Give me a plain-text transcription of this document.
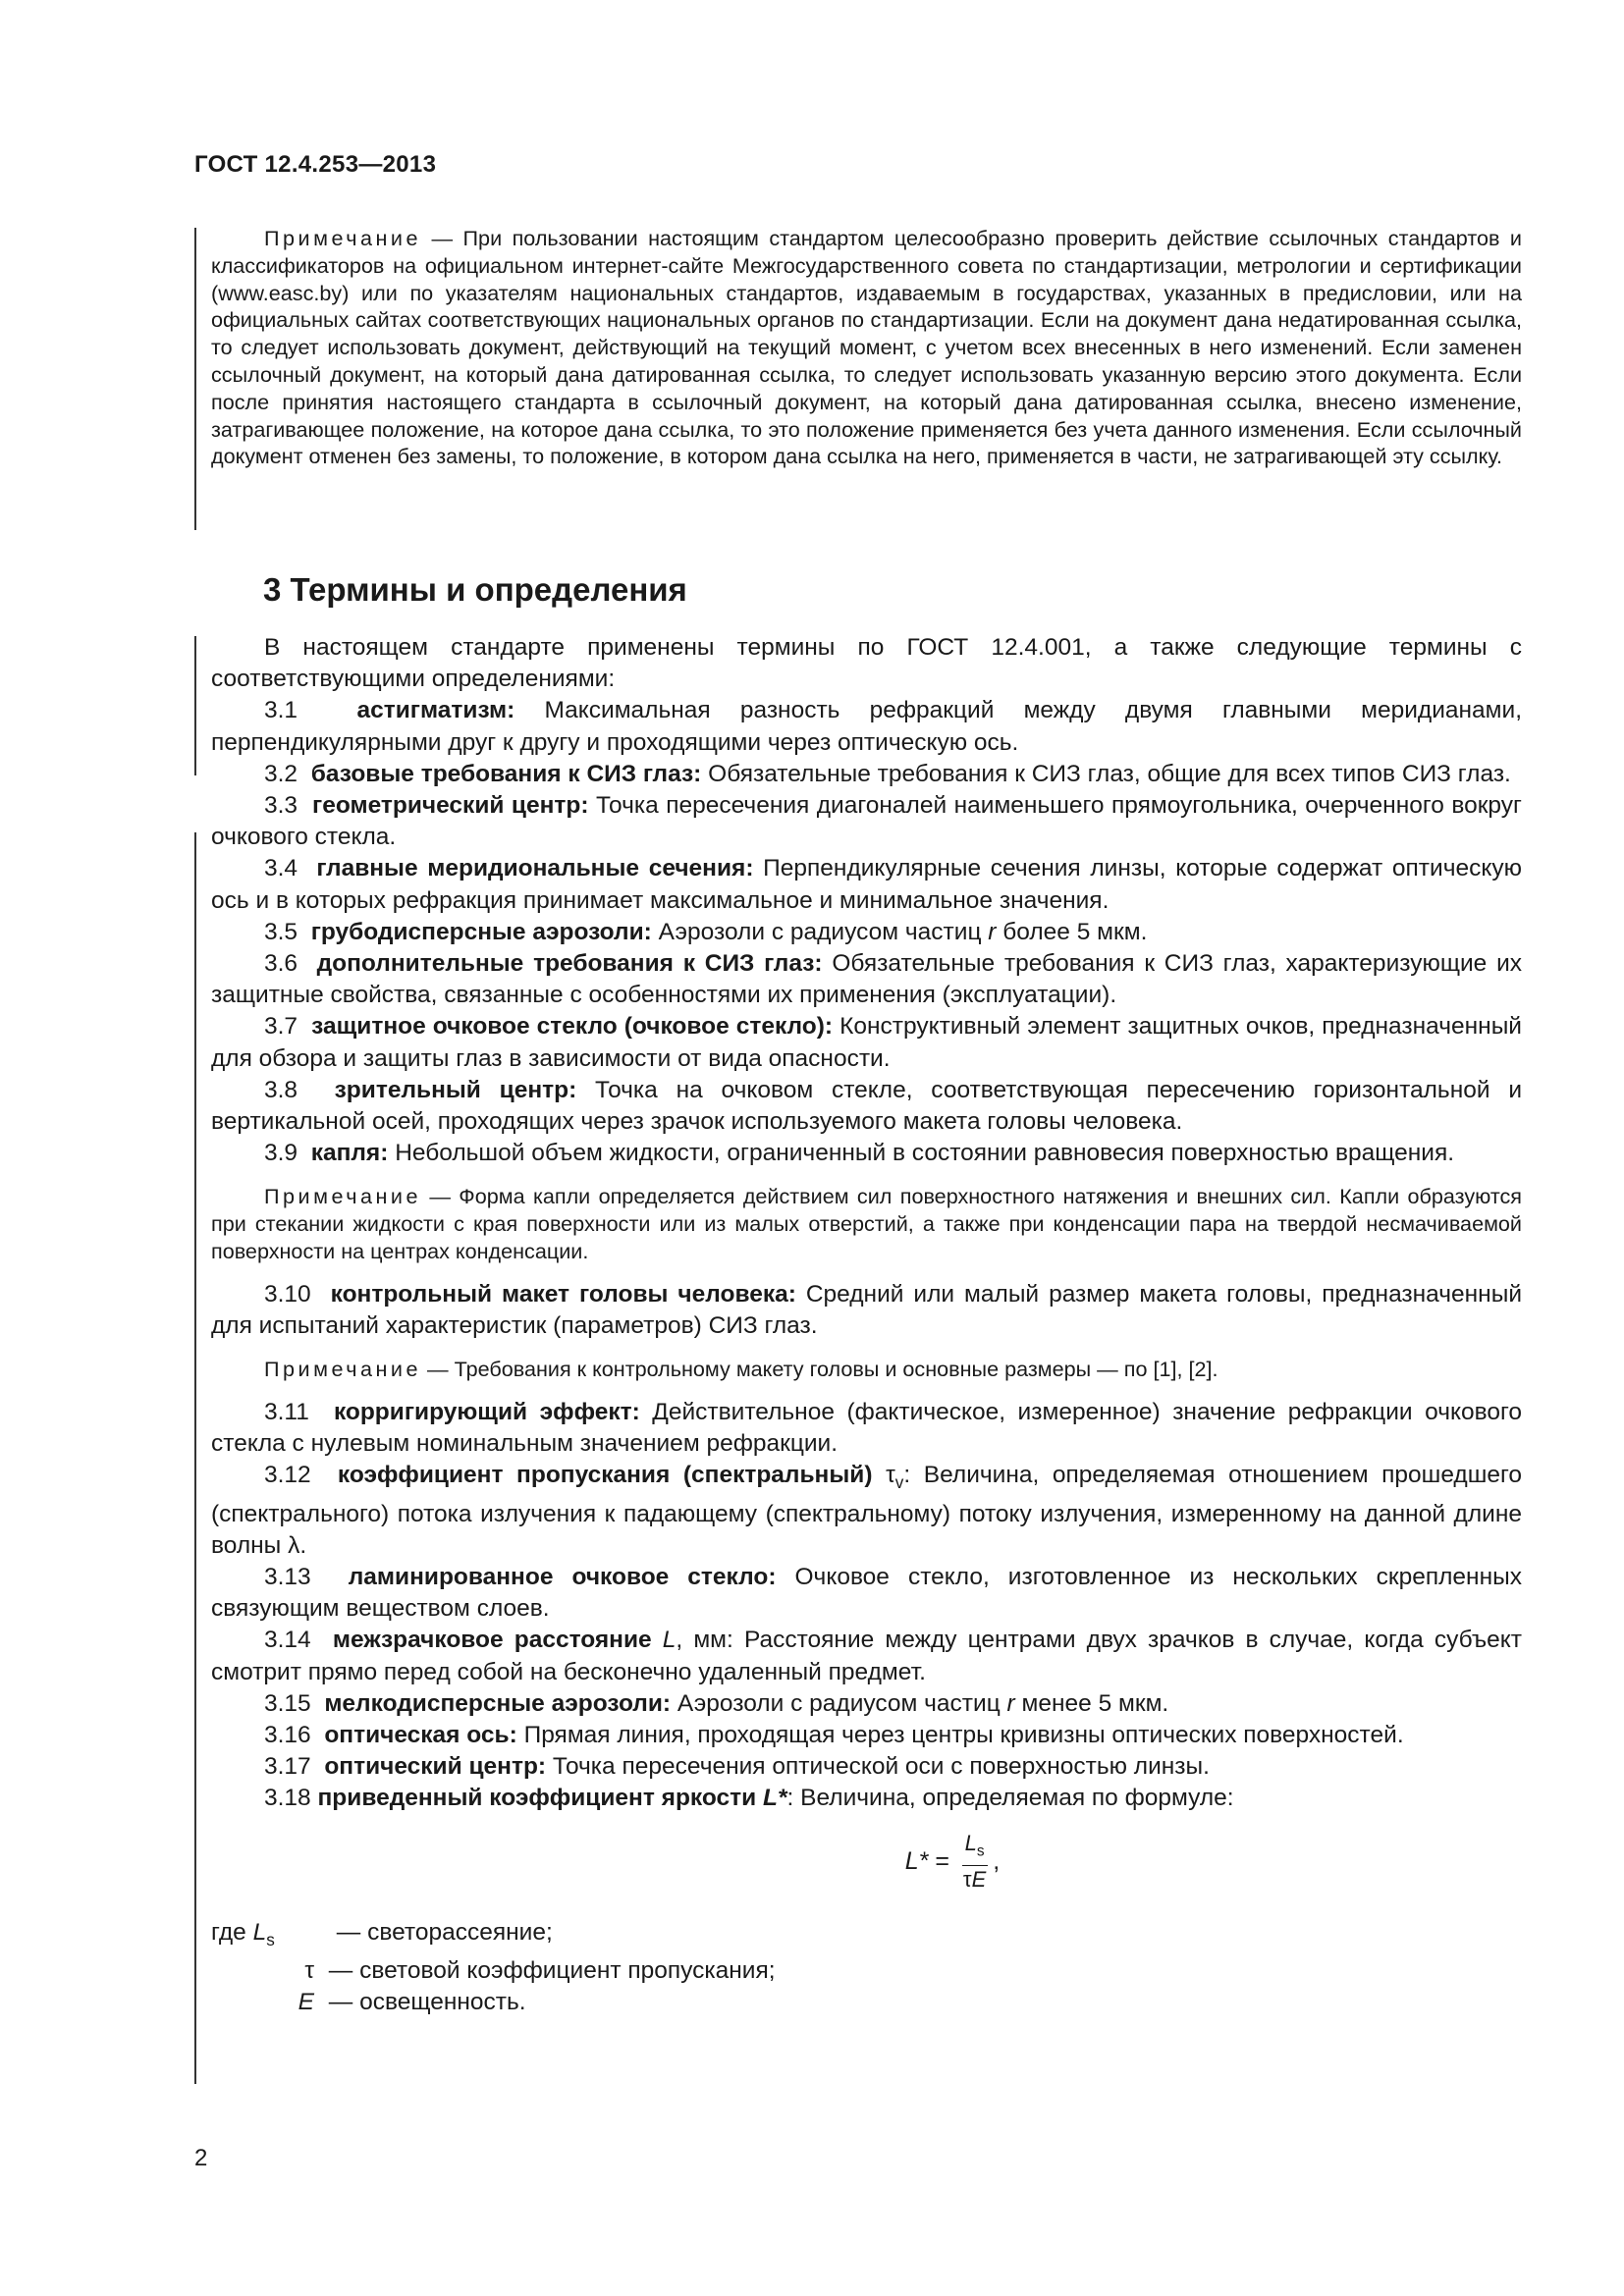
ГОСТ 12.4.253—2013

Примечание — При пользовании настоящим стандартом целесообразно проверить действие ссылочных стандартов и классификаторов на официальном интернет-сайте Межгосударственного совета по стандартизации, метрологии и сертификации (www.easc.by) или по указателям национальных стандартов, издаваемым в государствах, указанных в предисловии, или на официальных сайтах соответствующих национальных органов по стандартизации. Если на документ дана недатированная ссылка, то следует использовать документ, действующий на текущий момент, с учетом всех внесенных в него изменений. Если заменен ссылочный документ, на который дана датированная ссылка, то следует использовать указанную версию этого документа. Если после принятия настоящего стандарта в ссылочный документ, на который дана датированная ссылка, внесено изменение, затрагивающее положение, на которое дана ссылка, то это положение применяется без учета данного изменения. Если ссылочный документ отменен без замены, то положение, в котором дана ссылка на него, применяется в части, не затрагивающей эту ссылку.

3 Термины и определения

В настоящем стандарте применены термины по ГОСТ 12.4.001, а также следующие термины с соответствующими определениями:

3.1 астигматизм: Максимальная разность рефракций между двумя главными меридианами, перпендикулярными друг к другу и проходящими через оптическую ось.

3.2 базовые требования к СИЗ глаз: Обязательные требования к СИЗ глаз, общие для всех типов СИЗ глаз.

3.3 геометрический центр: Точка пересечения диагоналей наименьшего прямоугольника, очерченного вокруг очкового стекла.

3.4 главные меридиональные сечения: Перпендикулярные сечения линзы, которые содержат оптическую ось и в которых рефракция принимает максимальное и минимальное значения.

3.5 грубодисперсные аэрозоли: Аэрозоли с радиусом частиц r более 5 мкм.

3.6 дополнительные требования к СИЗ глаз: Обязательные требования к СИЗ глаз, характеризующие их защитные свойства, связанные с особенностями их применения (эксплуатации).

3.7 защитное очковое стекло (очковое стекло): Конструктивный элемент защитных очков, предназначенный для обзора и защиты глаз в зависимости от вида опасности.

3.8 зрительный центр: Точка на очковом стекле, соответствующая пересечению горизонтальной и вертикальной осей, проходящих через зрачок используемого макета головы человека.

3.9 капля: Небольшой объем жидкости, ограниченный в состоянии равновесия поверхностью вращения.

Примечание — Форма капли определяется действием сил поверхностного натяжения и внешних сил. Капли образуются при стекании жидкости с края поверхности или из малых отверстий, а также при конденсации пара на твердой несмачиваемой поверхности на центрах конденсации.

3.10 контрольный макет головы человека: Средний или малый размер макета головы, предназначенный для испытаний характеристик (параметров) СИЗ глаз.

Примечание — Требования к контрольному макету головы и основные размеры — по [1], [2].

3.11 корригирующий эффект: Действительное (фактическое, измеренное) значение рефракции очкового стекла с нулевым номинальным значением рефракции.

3.12 коэффициент пропускания (спектральный) $\tau_v$: Величина, определяемая отношением прошедшего (спектрального) потока излучения к падающему (спектральному) потоку излучения, измеренному на данной длине волны λ.

3.13 ламинированное очковое стекло: Очковое стекло, изготовленное из нескольких скрепленных связующим веществом слоев.

3.14 межзрачковое расстояние L, мм: Расстояние между центрами двух зрачков в случае, когда субъект смотрит прямо перед собой на бесконечно удаленный предмет.

3.15 мелкодисперсные аэрозоли: Аэрозоли с радиусом частиц r менее 5 мкм.

3.16 оптическая ось: Прямая линия, проходящая через центры кривизны оптических поверхностей.

3.17 оптический центр: Точка пересечения оптической оси с поверхностью линзы.

3.18 приведенный коэффициент яркости L*: Величина, определяемая по формуле:

$L* = \frac{L_s}{\tau E}$ ,
где $L_s$	— светорассеяние;
τ — световой коэффициент пропускания;
E — освещенность.
2
